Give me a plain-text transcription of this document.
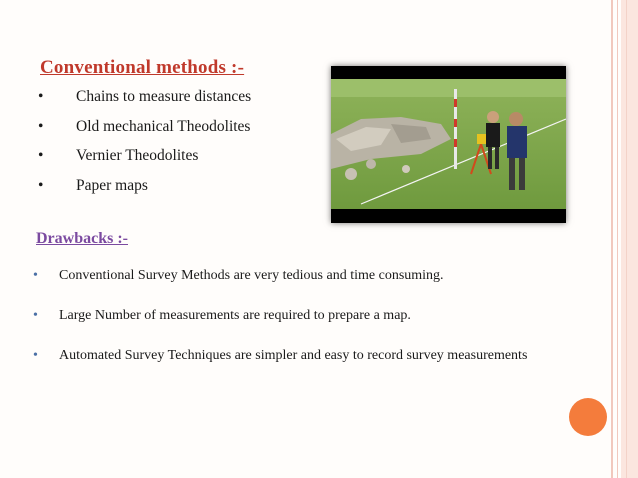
Conventional methods :-
• Chains to measure distances
• Old mechanical Theodolites
• Vernier Theodolites
• Paper maps
Drawbacks :-
• Conventional Survey Methods are very tedious and time consuming.
• Large Number of measurements are required to prepare a map.
• Automated Survey Techniques are simpler and easy to record survey measurements
